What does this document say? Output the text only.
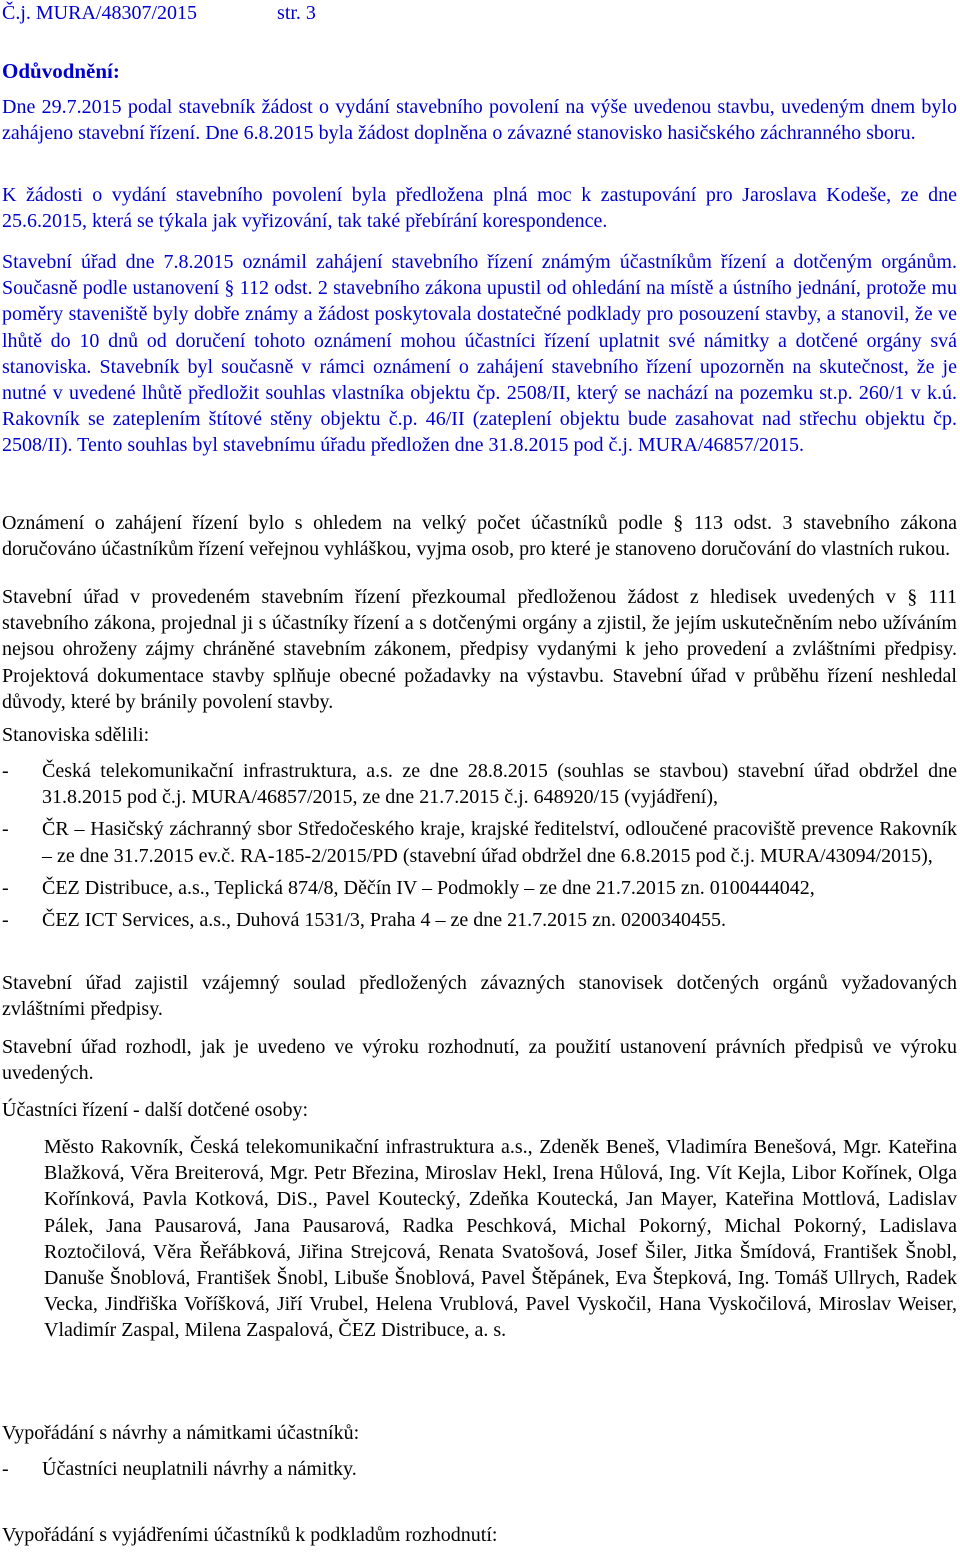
Č.j. MURA/48307/2015	str. 3
Odůvodnění:

Dne 29.7.2015 podal stavebník žádost o vydání stavebního povolení na výše uvedenou stavbu, uvedeným dnem bylo zahájeno stavební řízení. Dne 6.8.2015 byla žádost doplněna o závazné stanovisko hasičského záchranného sboru.

K žádosti o vydání stavebního povolení byla předložena plná moc k zastupování pro Jaroslava Kodeše, ze dne 25.6.2015, která se týkala jak vyřizování, tak také přebírání korespondence.

Stavební úřad dne 7.8.2015 oznámil zahájení stavebního řízení známým účastníkům řízení a dotčeným orgánům. Současně podle ustanovení § 112 odst. 2 stavebního zákona upustil od ohledání na místě a ústního jednání, protože mu poměry staveniště byly dobře známy a žádost poskytovala dostatečné podklady pro posouzení stavby, a stanovil, že ve lhůtě do 10 dnů od doručení tohoto oznámení mohou účastníci řízení uplatnit své námitky a dotčené orgány svá stanoviska. Stavebník byl současně v rámci oznámení o zahájení stavebního řízení upozorněn na skutečnost, že je nutné v uvedené lhůtě předložit souhlas vlastníka objektu čp. 2508/II, který se nachází na pozemku st.p. 260/1 v k.ú. Rakovník se zateplením štítové stěny objektu č.p. 46/II (zateplení objektu bude zasahovat nad střechu objektu čp. 2508/II). Tento souhlas byl stavebnímu úřadu předložen dne 31.8.2015 pod č.j. MURA/46857/2015.

Oznámení o zahájení řízení bylo s ohledem na velký počet účastníků podle § 113 odst. 3 stavebního zákona doručováno účastníkům řízení veřejnou vyhláškou, vyjma osob, pro které je stanoveno doručování do vlastních rukou.

Stavební úřad v provedeném stavebním řízení přezkoumal předloženou žádost z hledisek uvedených v § 111 stavebního zákona, projednal ji s účastníky řízení a s dotčenými orgány a zjistil, že jejím uskutečněním nebo užíváním nejsou ohroženy zájmy chráněné stavebním zákonem, předpisy vydanými k jeho provedení a zvláštními předpisy. Projektová dokumentace stavby splňuje obecné požadavky na výstavbu. Stavební úřad v průběhu řízení neshledal důvody, které by bránily povolení stavby.

Stanoviska sdělili:

-	Česká telekomunikační infrastruktura, a.s. ze dne 28.8.2015 (souhlas se stavbou) stavební úřad obdržel dne 31.8.2015 pod č.j. MURA/46857/2015, ze dne 21.7.2015 č.j. 648920/15 (vyjádření),
-	ČR – Hasičský záchranný sbor Středočeského kraje, krajské ředitelství, odloučené pracoviště prevence Rakovník – ze dne 31.7.2015 ev.č. RA-185-2/2015/PD (stavební úřad obdržel dne 6.8.2015 pod č.j. MURA/43094/2015),
-	ČEZ Distribuce, a.s., Teplická 874/8, Děčín IV – Podmokly – ze dne 21.7.2015 zn. 0100444042,
-	ČEZ ICT Services, a.s., Duhová 1531/3, Praha 4 – ze dne 21.7.2015 zn. 0200340455.

Stavební úřad zajistil vzájemný soulad předložených závazných stanovisek dotčených orgánů vyžadovaných zvláštními předpisy.

Stavební úřad rozhodl, jak je uvedeno ve výroku rozhodnutí, za použití ustanovení právních předpisů ve výroku uvedených.

Účastníci řízení - další dotčené osoby:

Město Rakovník, Česká telekomunikační infrastruktura a.s., Zdeněk Beneš, Vladimíra Benešová, Mgr. Kateřina Blažková, Věra Breiterová, Mgr. Petr Březina, Miroslav Hekl, Irena Hůlová, Ing. Vít Kejla, Libor Kořínek, Olga Kořínková, Pavla Kotková, DiS., Pavel Koutecký, Zdeňka Koutecká, Jan Mayer, Kateřina Mottlová, Ladislav Pálek, Jana Pausarová, Jana Pausarová, Radka Peschková, Michal Pokorný, Michal Pokorný, Ladislava Roztočilová, Věra Řeřábková, Jiřina Strejcová, Renata Svatošová, Josef Šiler, Jitka Šmídová, František Šnobl, Danuše Šnoblová, František Šnobl, Libuše Šnoblová, Pavel Štěpánek, Eva Štepková, Ing. Tomáš Ullrych, Radek Vecka, Jindřiška Voříšková, Jiří Vrubel, Helena Vrublová, Pavel Vyskočil, Hana Vyskočilová, Miroslav Weiser, Vladimír Zaspal, Milena Zaspalová, ČEZ Distribuce, a. s.

Vypořádání s návrhy a námitkami účastníků:

-	Účastníci neuplatnili návrhy a námitky.

Vypořádání s vyjádřeními účastníků k podkladům rozhodnutí:
